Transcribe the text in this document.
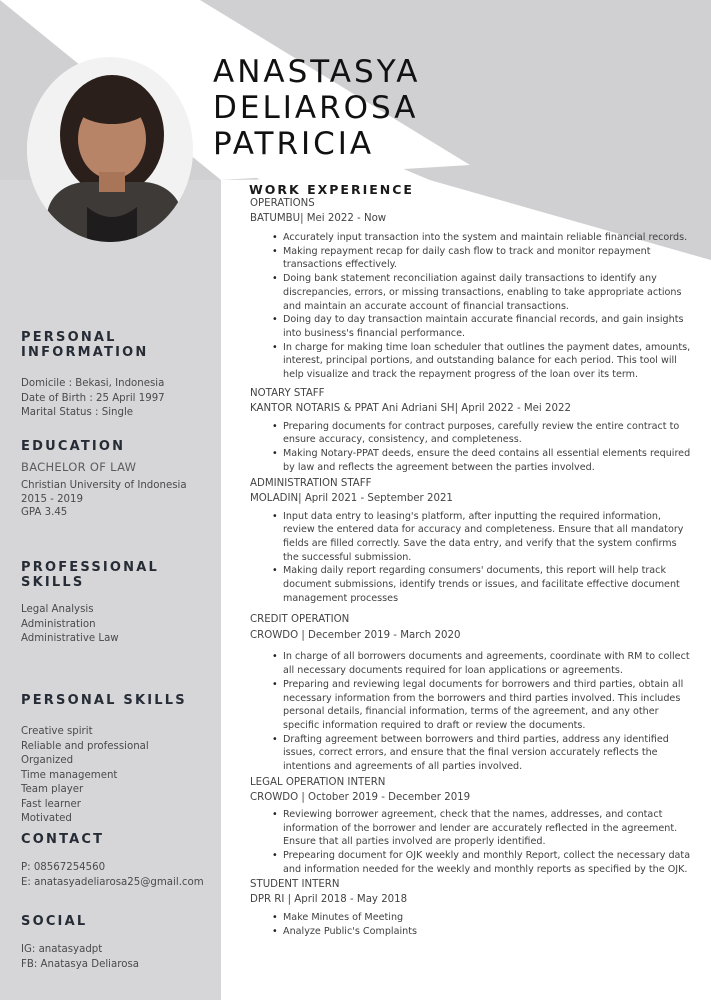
ANASTASYA
DELIAROSA
PATRICIA
PERSONAL
INFORMATION
Domicile : Bekasi, Indonesia
Date of Birth : 25 April 1997
Marital Status : Single
EDUCATION
BACHELOR OF LAW
Christian University of Indonesia
2015 - 2019
GPA 3.45
PROFESSIONAL
SKILLS
Legal Analysis
Administration
Administrative Law
PERSONAL SKILLS
Creative spirit
Reliable and professional
Organized
Time management
Team player
Fast learner
Motivated
CONTACT
P: 08567254560
E: anatasyadeliarosa25@gmail.com
SOCIAL
IG: anatasyadpt
FB: Anatasya Deliarosa
WORK EXPERIENCE
OPERATIONS
BATUMBU| Mei 2022 - Now
• Accurately input transaction into the system and maintain reliable financial records.
• Making repayment recap for daily cash flow to track and monitor repayment transactions effectively.
• Doing bank statement reconciliation against daily transactions to identify any discrepancies, errors, or missing transactions, enabling to take appropriate actions and maintain an accurate account of financial transactions.
• Doing day to day transaction maintain accurate financial records, and gain insights into business's financial performance.
• In charge for making time loan scheduler that outlines the payment dates, amounts, interest, principal portions, and outstanding balance for each period. This tool will help visualize and track the repayment progress of the loan over its term.
NOTARY STAFF
KANTOR NOTARIS & PPAT Ani Adriani SH| April 2022 - Mei 2022
• Preparing documents for contract purposes, carefully review the entire contract to ensure accuracy, consistency, and completeness.
• Making Notary-PPAT deeds, ensure the deed contains all essential elements required by law and reflects the agreement between the parties involved.
ADMINISTRATION STAFF
MOLADIN| April 2021 - September 2021
• Input data entry to leasing's platform, after inputting the required information, review the entered data for accuracy and completeness. Ensure that all mandatory fields are filled correctly. Save the data entry, and verify that the system confirms the successful submission.
• Making daily report regarding consumers' documents, this report will help track document submissions, identify trends or issues, and facilitate effective document management processes
CREDIT OPERATION
CROWDO | December 2019 - March 2020
• In charge of all borrowers documents and agreements, coordinate with RM to collect all necessary documents required for loan applications or agreements.
• Preparing and reviewing legal documents for borrowers and third parties, obtain all necessary information from the borrowers and third parties involved. This includes personal details, financial information, terms of the agreement, and any other specific information required to draft or review the documents.
• Drafting agreement between borrowers and third parties, address any identified issues, correct errors, and ensure that the final version accurately reflects the intentions and agreements of all parties involved.
LEGAL OPERATION INTERN
CROWDO | October 2019 - December 2019
• Reviewing borrower agreement, check that the names, addresses, and contact information of the borrower and lender are accurately reflected in the agreement. Ensure that all parties involved are properly identified.
• Prepearing document for OJK weekly and monthly Report, collect the necessary data and information needed for the weekly and monthly reports as specified by the OJK.
STUDENT INTERN
DPR RI | April 2018 - May 2018
• Make Minutes of Meeting
• Analyze Public's Complaints
